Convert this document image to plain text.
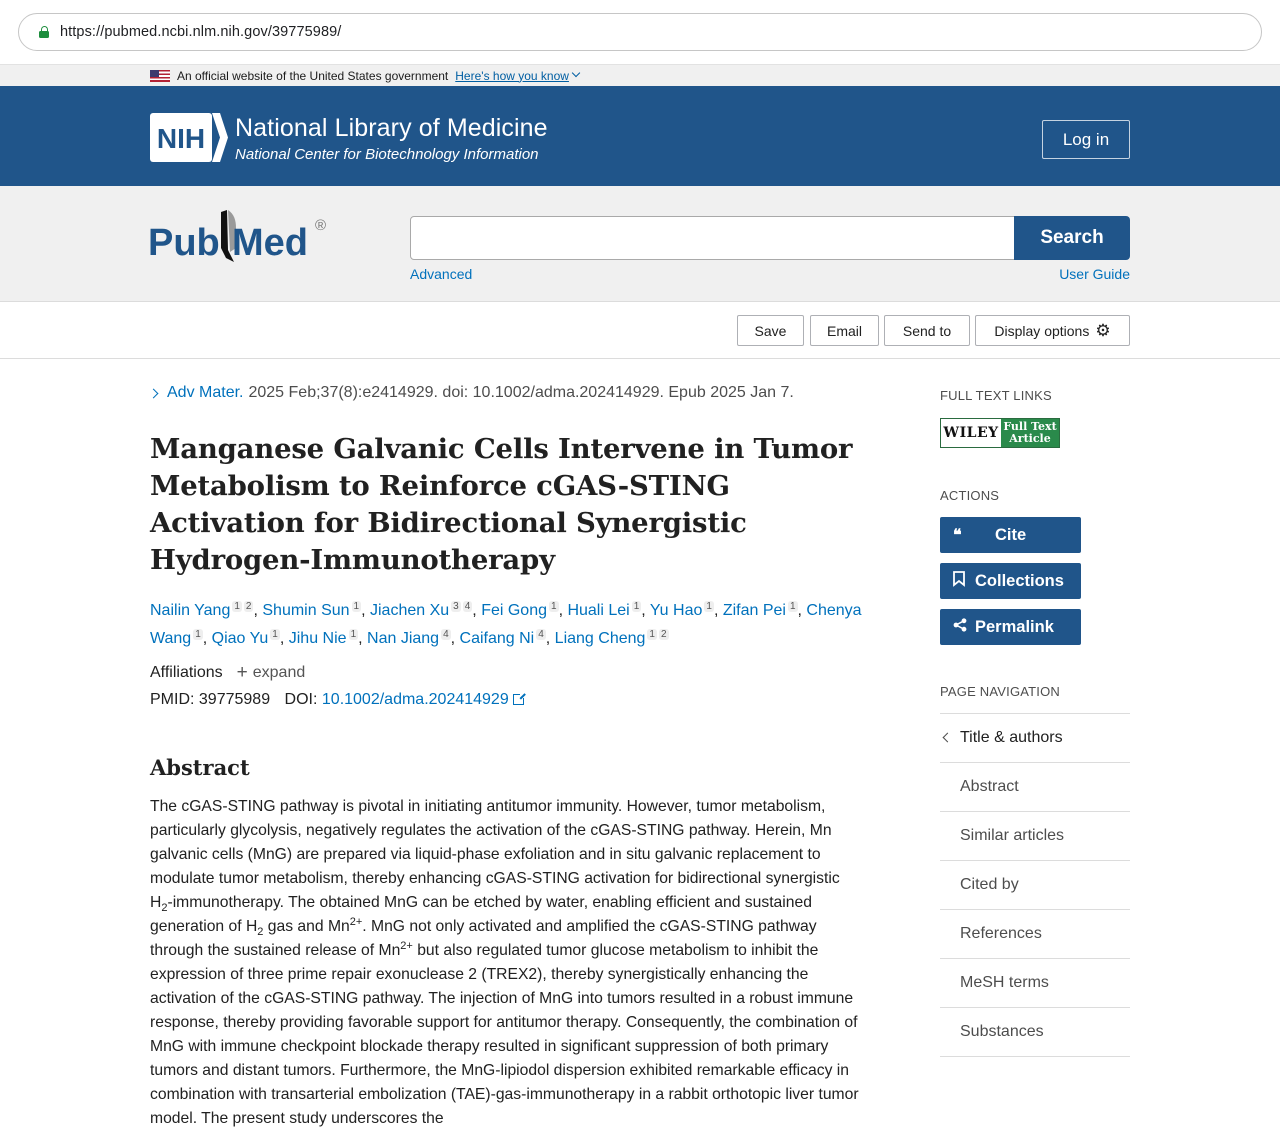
https://pubmed.ncbi.nlm.nih.gov/39775989/
An official website of the United States government Here's how you know
NIH National Library of Medicine
National Center for Biotechnology Information
Log in
Pub Med ®
Search
Advanced	User Guide
Save	Email	Send to	Display options ⚙
Adv Mater. 2025 Feb;37(8):e2414929. doi: 10.1002/adma.202414929. Epub 2025 Jan 7.
Manganese Galvanic Cells Intervene in Tumor Metabolism to Reinforce cGAS-STING Activation for Bidirectional Synergistic Hydrogen-Immunotherapy
Nailin Yang $^1$ $^2$ , Shumin Sun $^1$ , Jiachen Xu $^3$ $^4$ , Fei Gong $^1$ , Huali Lei $^1$ , Yu Hao $^1$ , Zifan Pei $^1$ , Chenya Wang $^1$ , Qiao Yu $^1$ , Jihu Nie $^1$ , Nan Jiang $^4$ , Caifang Ni $^4$ , Liang Cheng $^1$ $^2$
Affiliations + expand
PMID: 39775989 DOI: 10.1002/adma.202414929
Abstract
The cGAS-STING pathway is pivotal in initiating antitumor immunity. However, tumor metabolism, particularly glycolysis, negatively regulates the activation of the cGAS-STING pathway. Herein, Mn galvanic cells (MnG) are prepared via liquid-phase exfoliation and in situ galvanic replacement to modulate tumor metabolism, thereby enhancing cGAS-STING activation for bidirectional synergistic $H_2$-immunotherapy. The obtained MnG can be etched by water, enabling efficient and sustained generation of $H_2$ gas and $Mn^{2+}$. MnG not only activated and amplified the cGAS-STING pathway through the sustained release of $Mn^{2+}$ but also regulated tumor glucose metabolism to inhibit the expression of three prime repair exonuclease 2 (TREX2), thereby synergistically enhancing the activation of the cGAS-STING pathway. The injection of MnG into tumors resulted in a robust immune response, thereby providing favorable support for antitumor therapy. Consequently, the combination of MnG with immune checkpoint blockade therapy resulted in significant suppression of both primary tumors and distant tumors. Furthermore, the MnG-lipiodol dispersion exhibited remarkable efficacy in combination with transarterial embolization (TAE)-gas-immunotherapy in a rabbit orthotopic liver tumor model. The present study underscores the
FULL TEXT LINKS
WILEY Full Text
Article
ACTIONS
❝	Cite
Collections
Permalink
PAGE NAVIGATION
Title & authors
Abstract
Similar articles
Cited by
References
MeSH terms
Substances
